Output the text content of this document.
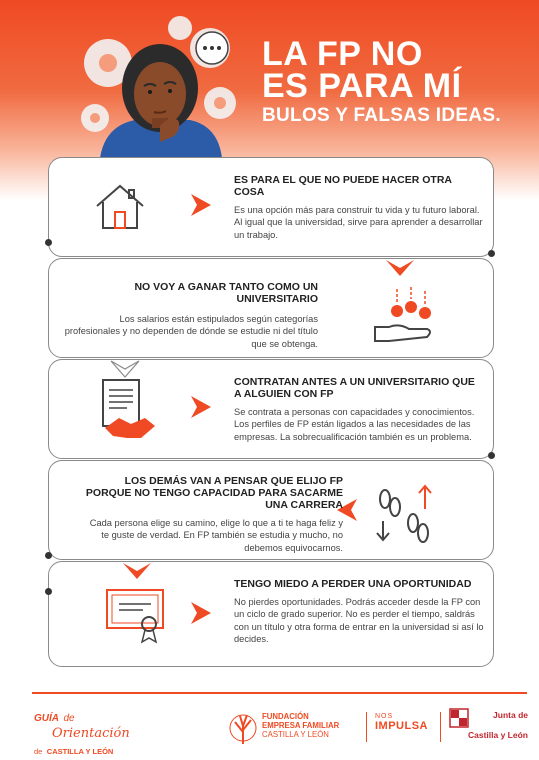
LA FP NO
ES PARA MÍ
BULOS Y FALSAS IDEAS.
ES PARA EL QUE NO PUEDE HACER OTRA COSA

Es una opción más para construir tu vida y tu futuro laboral. Al igual que la universidad, sirve para aprender a desarrollar un trabajo.

NO VOY A GANAR TANTO COMO UN UNIVERSITARIO

Los salarios están estipulados según categorías profesionales y no dependen de dónde se estudie ni del título que se obtenga.

CONTRATAN ANTES A UN UNIVERSITARIO QUE A ALGUIEN CON FP

Se contrata a personas con capacidades y conocimientos. Los perfiles de FP están ligados a las necesidades de las empresas. La sobrecualificación también es un problema.

LOS DEMÁS VAN A PENSAR QUE ELIJO FP PORQUE NO TENGO CAPACIDAD PARA SACARME UNA CARRERA

Cada persona elige su camino, elige lo que a ti te haga feliz y te guste de verdad. En FP también se estudia y mucho, no debemos equivocarnos.

TENGO MIEDO A PERDER UNA OPORTUNIDAD

No pierdes oportunidades. Podrás acceder desde la FP con un ciclo de grado superior. No es perder el tiempo, saldrás con un título y otra forma de entrar en la universidad si así lo decides.

GUÍA de
Orientación
de CASTILLA Y LEÓN
FUNDACIÓN
EMPRESA FAMILIAR
CASTILLA Y LEÓN
NOS
IMPULSA
Junta de
Castilla y León
